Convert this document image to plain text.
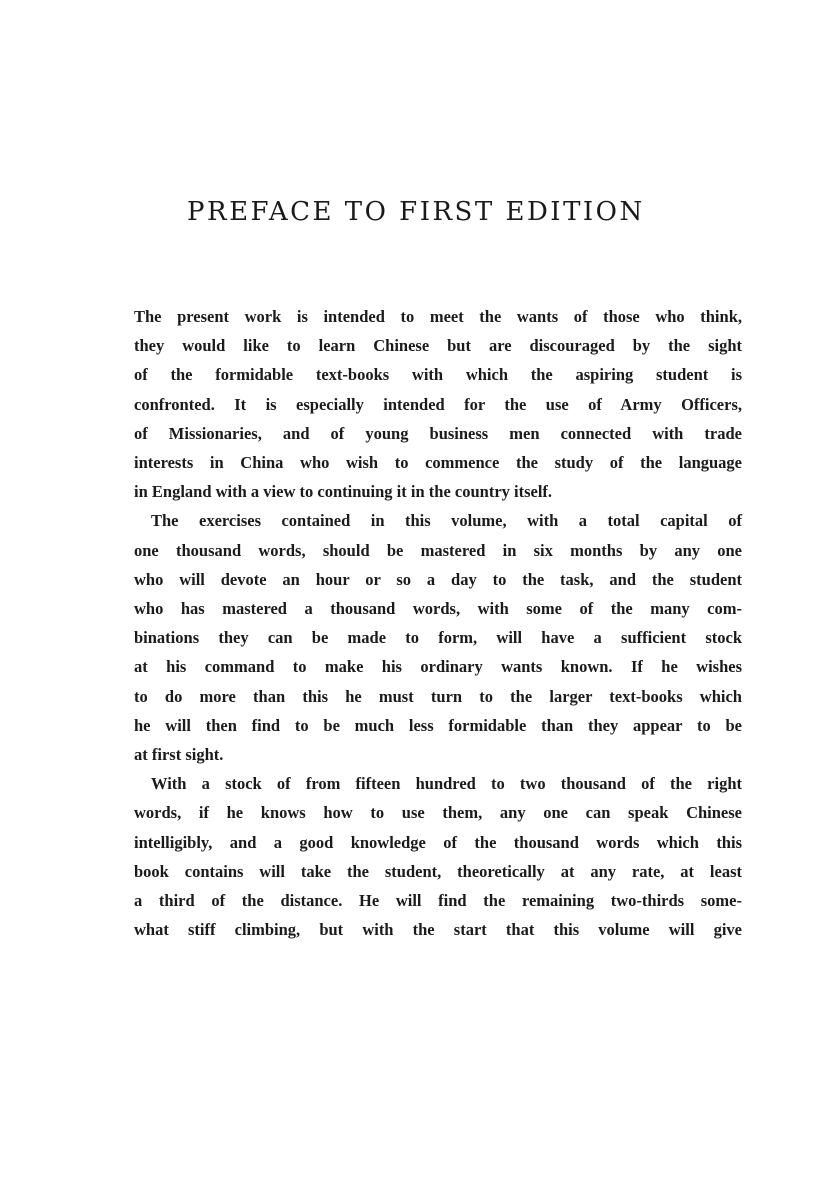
PREFACE TO FIRST EDITION

The present work is intended to meet the wants of those who think,
they would like to learn Chinese but are discouraged by the sight
of the formidable text-books with which the aspiring student is
confronted. It is especially intended for the use of Army Officers,
of Missionaries, and of young business men connected with trade
interests in China who wish to commence the study of the language
in England with a view to continuing it in the country itself.

The exercises contained in this volume, with a total capital of
one thousand words, should be mastered in six months by any one
who will devote an hour or so a day to the task, and the student
who has mastered a thousand words, with some of the many com-
binations they can be made to form, will have a sufficient stock
at his command to make his ordinary wants known. If he wishes
to do more than this he must turn to the larger text-books which
he will then find to be much less formidable than they appear to be
at first sight.

With a stock of from fifteen hundred to two thousand of the right
words, if he knows how to use them, any one can speak Chinese
intelligibly, and a good knowledge of the thousand words which this
book contains will take the student, theoretically at any rate, at least
a third of the distance. He will find the remaining two-thirds some-
what stiff climbing, but with the start that this volume will give
